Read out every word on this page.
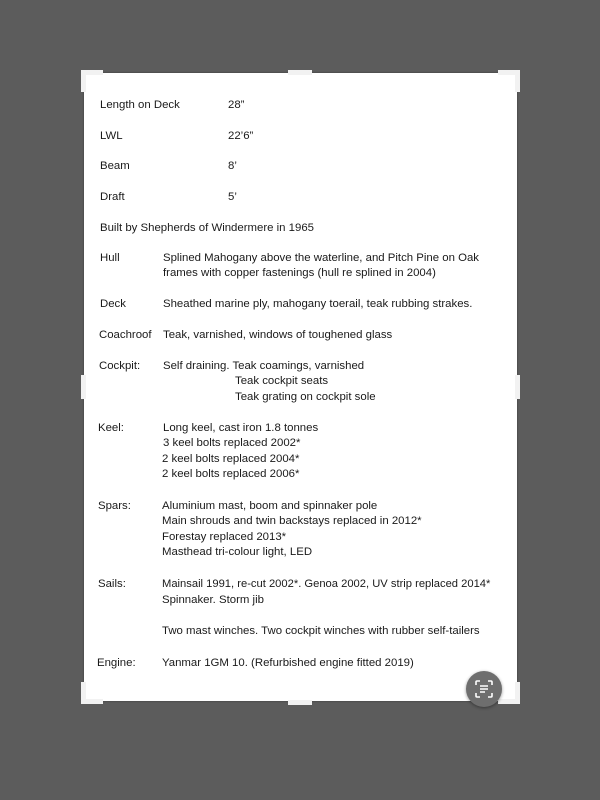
Length on Deck	28”
LWL	22’6”
Beam	8’
Draft	5’
Built by Shepherds of Windermere in 1965
Hull	Splined Mahogany above the waterline, and Pitch Pine on Oak
frames with copper fastenings (hull re splined in 2004)
Deck	Sheathed marine ply, mahogany toerail, teak rubbing strakes.
Coachroof Teak, varnished, windows of toughened glass
Cockpit: Self draining. Teak coamings, varnished
Teak cockpit seats
Teak grating on cockpit sole
Keel:	Long keel, cast iron 1.8 tonnes
3 keel bolts replaced 2002*
2 keel bolts replaced 2004*
2 keel bolts replaced 2006*
Spars:	Aluminium mast, boom and spinnaker pole
Main shrouds and twin backstays replaced in 2012*
Forestay replaced 2013*
Masthead tri-colour light, LED
Sails:	Mainsail 1991, re-cut 2002*. Genoa 2002, UV strip replaced 2014*
Spinnaker. Storm jib
Two mast winches. Two cockpit winches with rubber self-tailers
Engine: Yanmar 1GM 10. (Refurbished engine fitted 2019)
